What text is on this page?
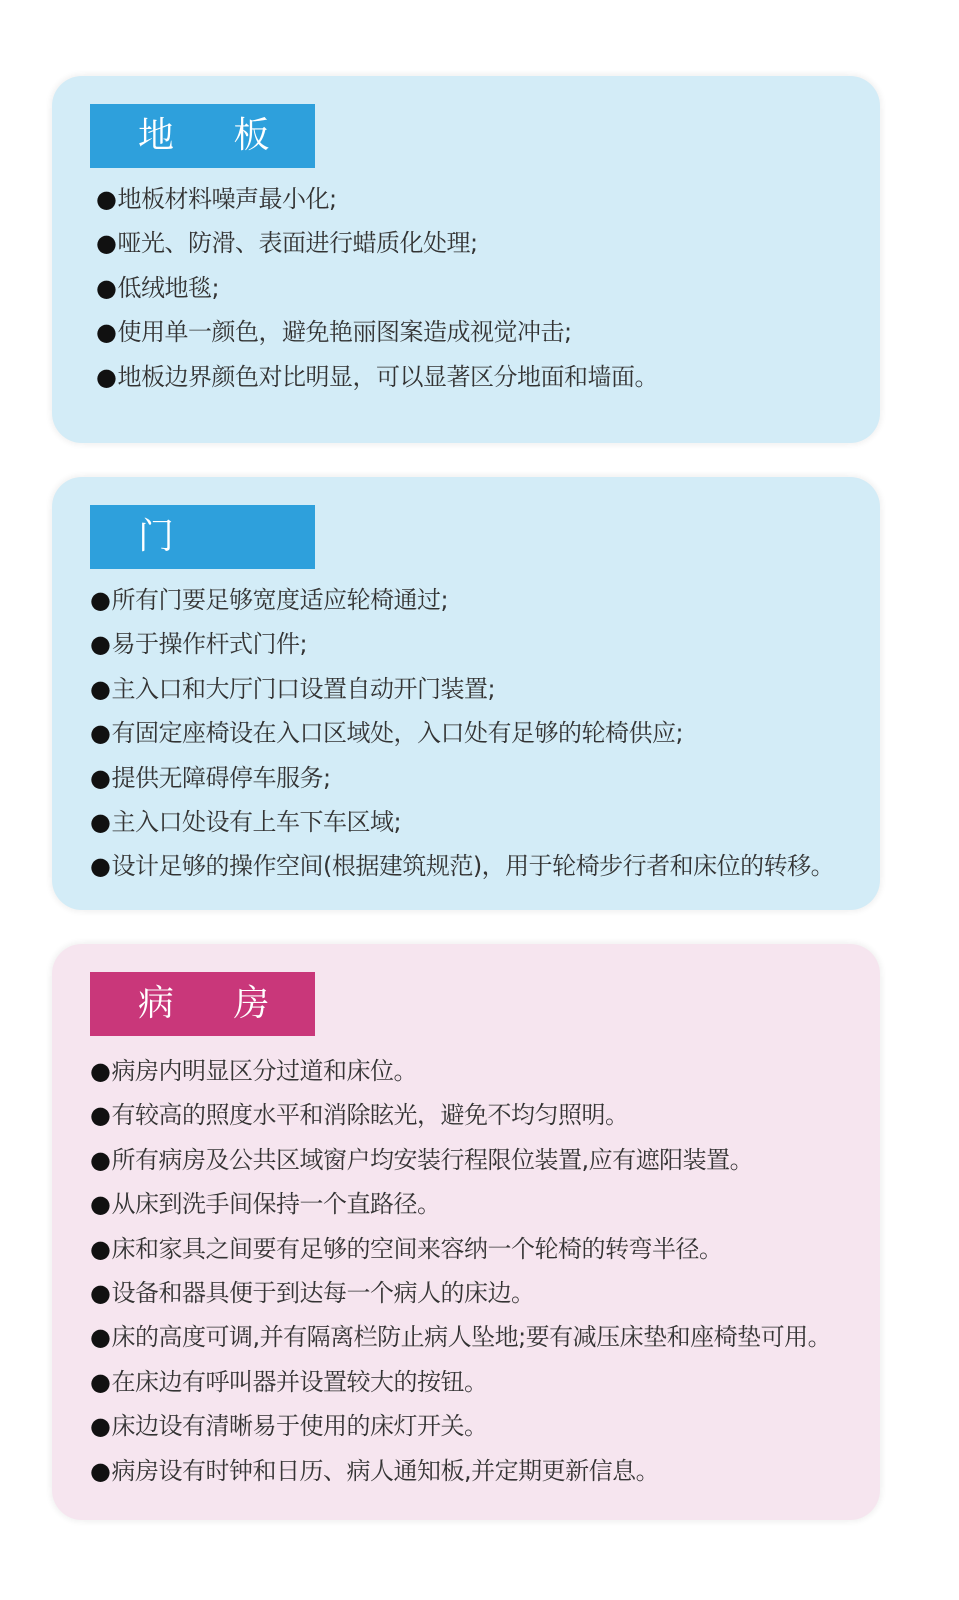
地 板
●地板材料噪声最小化;
●哑光、防滑、表面进行蜡质化处理;
●低绒地毯;
●使用单一颜色，避免艳丽图案造成视觉冲击;
●地板边界颜色对比明显，可以显著区分地面和墙面。
门
●所有门要足够宽度适应轮椅通过;
●易于操作杆式门件;
●主入口和大厅门口设置自动开门装置;
●有固定座椅设在入口区域处，入口处有足够的轮椅供应;
●提供无障碍停车服务;
●主入口处设有上车下车区域;
●设计足够的操作空间(根据建筑规范)，用于轮椅步行者和床位的转移。
病 房
●病房内明显区分过道和床位。
●有较高的照度水平和消除眩光，避免不均匀照明。
●所有病房及公共区域窗户均安装行程限位装置,应有遮阳装置。
●从床到洗手间保持一个直路径。
●床和家具之间要有足够的空间来容纳一个轮椅的转弯半径。
●设备和器具便于到达每一个病人的床边。
●床的高度可调,并有隔离栏防止病人坠地;要有减压床垫和座椅垫可用。
●在床边有呼叫器并设置较大的按钮。
●床边设有清晰易于使用的床灯开关。
●病房设有时钟和日历、病人通知板,并定期更新信息。
